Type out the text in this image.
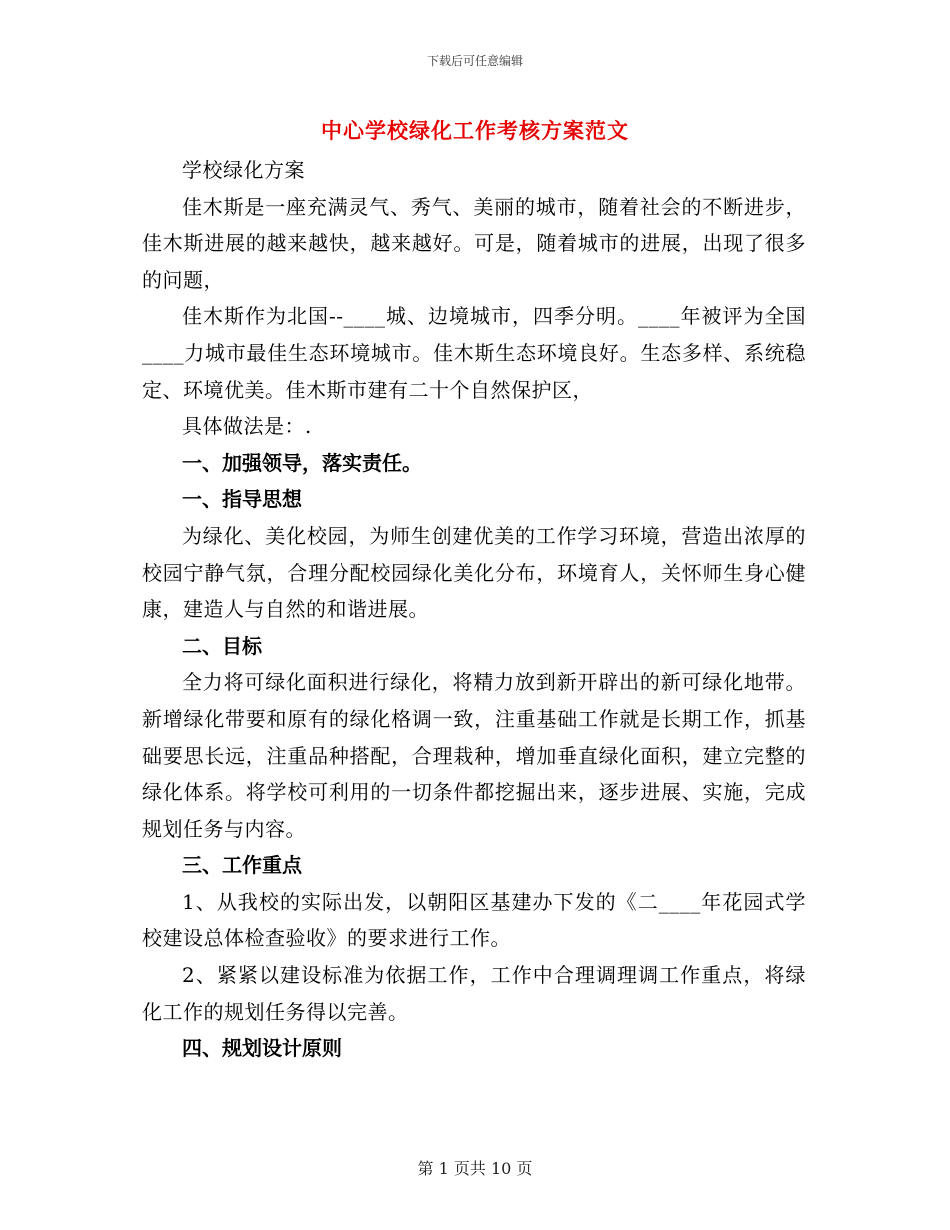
下载后可任意编辑
中心学校绿化工作考核方案范文

学校绿化方案

佳木斯是一座充满灵气、秀气、美丽的城市，随着社会的不断进步，佳木斯进展的越来越快，越来越好。可是，随着城市的进展，出现了很多的问题，

佳木斯作为北国--____城、边境城市，四季分明。____年被评为全国____力城市最佳生态环境城市。佳木斯生态环境良好。生态多样、系统稳定、环境优美。佳木斯市建有二十个自然保护区，

具体做法是：.

一、加强领导，落实责任。

一、指导思想

为绿化、美化校园，为师生创建优美的工作学习环境，营造出浓厚的校园宁静气氛，合理分配校园绿化美化分布，环境育人，关怀师生身心健康，建造人与自然的和谐进展。

二、目标

全力将可绿化面积进行绿化，将精力放到新开辟出的新可绿化地带。新增绿化带要和原有的绿化格调一致，注重基础工作就是长期工作，抓基础要思长远，注重品种搭配，合理栽种，增加垂直绿化面积，建立完整的绿化体系。将学校可利用的一切条件都挖掘出来，逐步进展、实施，完成规划任务与内容。

三、工作重点

1、从我校的实际出发，以朝阳区基建办下发的《二____年花园式学校建设总体检查验收》的要求进行工作。

2、紧紧以建设标准为依据工作，工作中合理调理调工作重点，将绿化工作的规划任务得以完善。

四、规划设计原则

第 1 页共 10 页
